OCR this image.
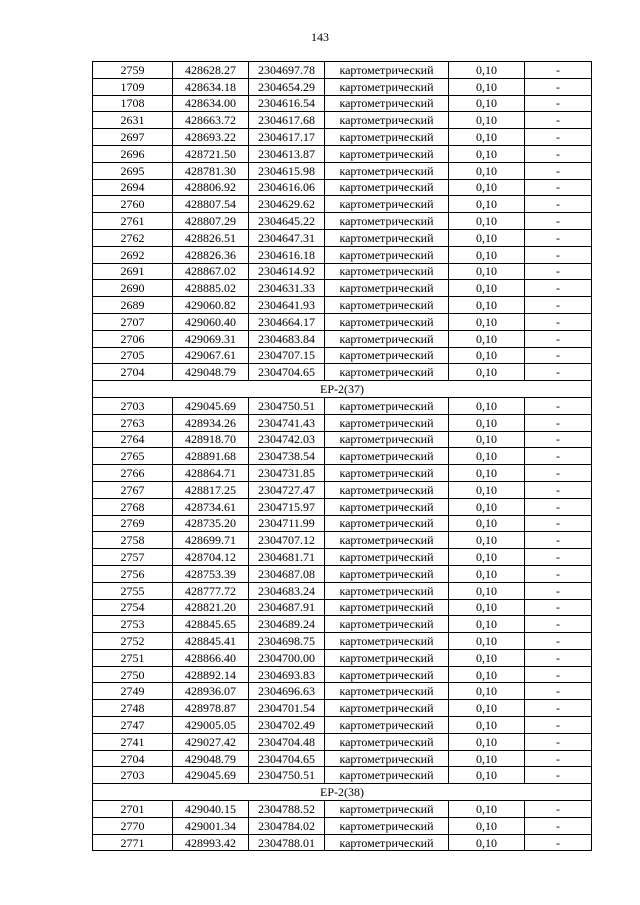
143
2759	428628.27	2304697.78	картометрический	0,10	-
1709	428634.18	2304654.29	картометрический	0,10	-
1708	428634.00	2304616.54	картометрический	0,10	-
2631	428663.72	2304617.68	картометрический	0,10	-
2697	428693.22	2304617.17	картометрический	0,10	-
2696	428721.50	2304613.87	картометрический	0,10	-
2695	428781.30	2304615.98	картометрический	0,10	-
2694	428806.92	2304616.06	картометрический	0,10	-
2760	428807.54	2304629.62	картометрический	0,10	-
2761	428807.29	2304645.22	картометрический	0,10	-
2762	428826.51	2304647.31	картометрический	0,10	-
2692	428826.36	2304616.18	картометрический	0,10	-
2691	428867.02	2304614.92	картометрический	0,10	-
2690	428885.02	2304631.33	картометрический	0,10	-
2689	429060.82	2304641.93	картометрический	0,10	-
2707	429060.40	2304664.17	картометрический	0,10	-
2706	429069.31	2304683.84	картометрический	0,10	-
2705	429067.61	2304707.15	картометрический	0,10	-
2704	429048.79	2304704.65	картометрический	0,10	-
ЕР-2(37)					
2703	429045.69	2304750.51	картометрический	0,10	-
2763	428934.26	2304741.43	картометрический	0,10	-
2764	428918.70	2304742.03	картометрический	0,10	-
2765	428891.68	2304738.54	картометрический	0,10	-
2766	428864.71	2304731.85	картометрический	0,10	-
2767	428817.25	2304727.47	картометрический	0,10	-
2768	428734.61	2304715.97	картометрический	0,10	-
2769	428735.20	2304711.99	картометрический	0,10	-
2758	428699.71	2304707.12	картометрический	0,10	-
2757	428704.12	2304681.71	картометрический	0,10	-
2756	428753.39	2304687.08	картометрический	0,10	-
2755	428777.72	2304683.24	картометрический	0,10	-
2754	428821.20	2304687.91	картометрический	0,10	-
2753	428845.65	2304689.24	картометрический	0,10	-
2752	428845.41	2304698.75	картометрический	0,10	-
2751	428866.40	2304700.00	картометрический	0,10	-
2750	428892.14	2304693.83	картометрический	0,10	-
2749	428936.07	2304696.63	картометрический	0,10	-
2748	428978.87	2304701.54	картометрический	0,10	-
2747	429005.05	2304702.49	картометрический	0,10	-
2741	429027.42	2304704.48	картометрический	0,10	-
2704	429048.79	2304704.65	картометрический	0,10	-
2703	429045.69	2304750.51	картометрический	0,10	-
ЕР-2(38)					
2701	429040.15	2304788.52	картометрический	0,10	-
2770	429001.34	2304784.02	картометрический	0,10	-
2771	428993.42	2304788.01	картометрический	0,10	-
